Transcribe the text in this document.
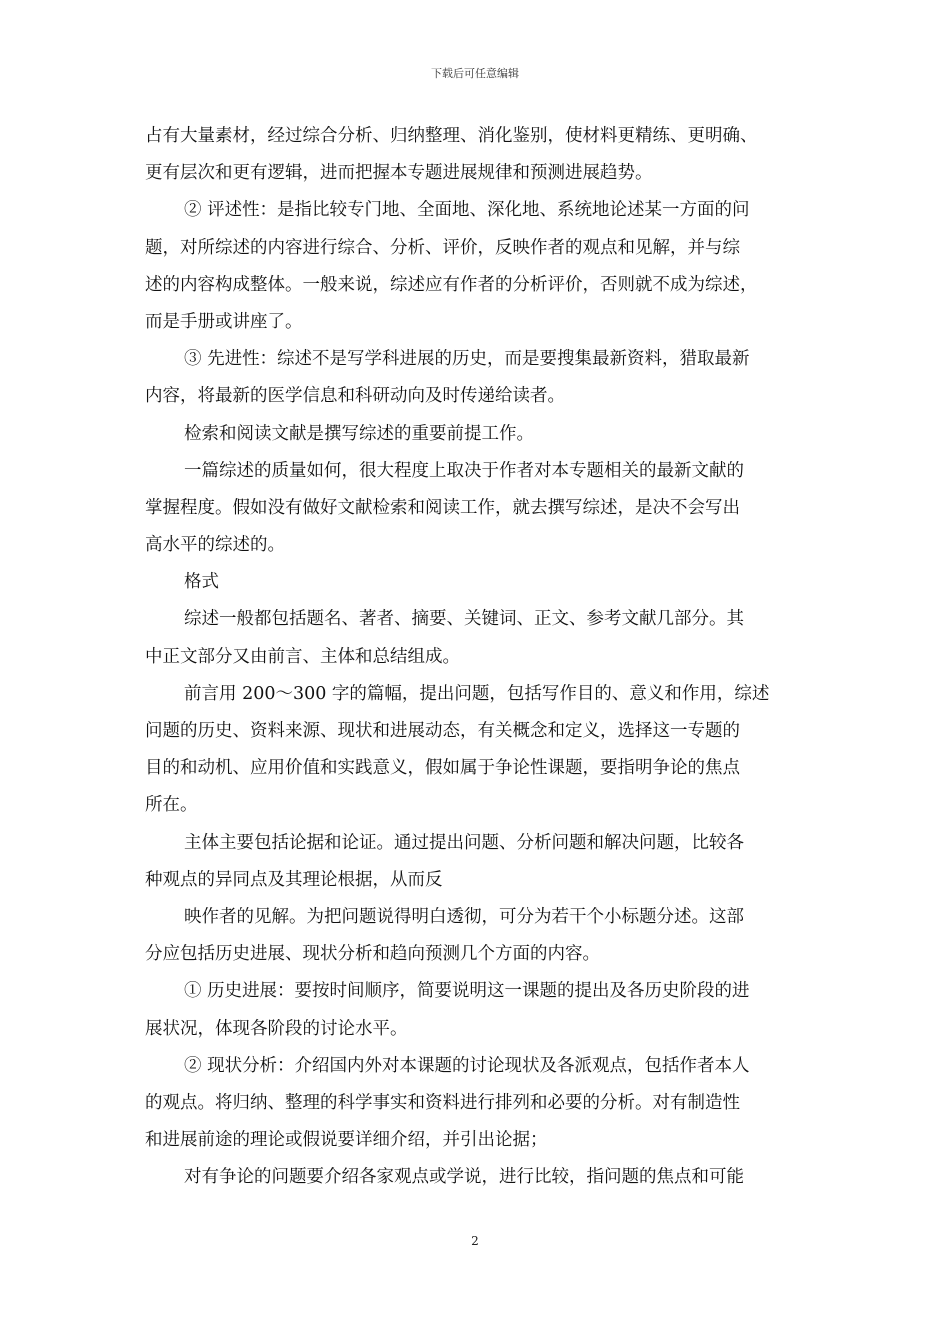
下载后可任意编辑
占有大量素材，经过综合分析、归纳整理、消化鉴别，使材料更精练、更明确、
更有层次和更有逻辑，进而把握本专题进展规律和预测进展趋势。
② 评述性：是指比较专门地、全面地、深化地、系统地论述某一方面的问
题，对所综述的内容进行综合、分析、评价，反映作者的观点和见解，并与综
述的内容构成整体。一般来说，综述应有作者的分析评价，否则就不成为综述，
而是手册或讲座了。
③ 先进性：综述不是写学科进展的历史，而是要搜集最新资料，猎取最新
内容，将最新的医学信息和科研动向及时传递给读者。
检索和阅读文献是撰写综述的重要前提工作。
一篇综述的质量如何，很大程度上取决于作者对本专题相关的最新文献的
掌握程度。假如没有做好文献检索和阅读工作，就去撰写综述，是决不会写出
高水平的综述的。
格式
综述一般都包括题名、著者、摘要、关键词、正文、参考文献几部分。其
中正文部分又由前言、主体和总结组成。
前言用 200～300 字的篇幅，提出问题，包括写作目的、意义和作用，综述
问题的历史、资料来源、现状和进展动态，有关概念和定义，选择这一专题的
目的和动机、应用价值和实践意义，假如属于争论性课题，要指明争论的焦点
所在。
主体主要包括论据和论证。通过提出问题、分析问题和解决问题，比较各
种观点的异同点及其理论根据，从而反
映作者的见解。为把问题说得明白透彻，可分为若干个小标题分述。这部
分应包括历史进展、现状分析和趋向预测几个方面的内容。
① 历史进展：要按时间顺序，简要说明这一课题的提出及各历史阶段的进
展状况，体现各阶段的讨论水平。
② 现状分析：介绍国内外对本课题的讨论现状及各派观点，包括作者本人
的观点。将归纳、整理的科学事实和资料进行排列和必要的分析。对有制造性
和进展前途的理论或假说要详细介绍，并引出论据；
对有争论的问题要介绍各家观点或学说，进行比较，指问题的焦点和可能
2
